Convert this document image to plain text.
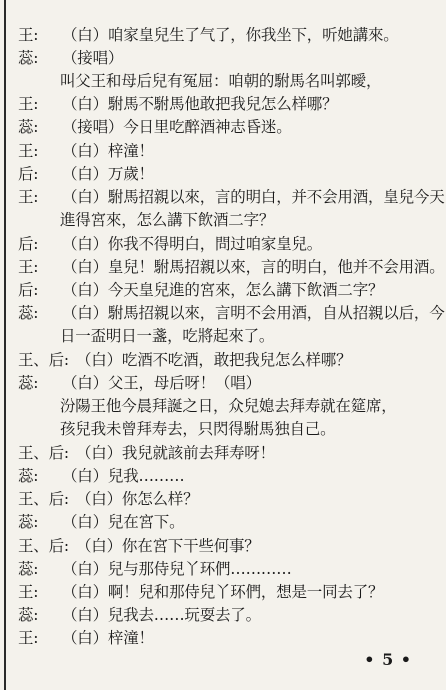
王: （白）咱家皇兒生了气了，你我坐下，听她講來。
蕊: （接唱）
叫父王和母后兒有冤屈：咱朝的駙馬名叫郭曖，
王: （白）駙馬不駙馬他敢把我兒怎么样哪？
蕊: （接唱）今日里吃醉酒神志昏迷。
王: （白）梓潼！
后: （白）万歲！
王: （白）駙馬招親以來，言的明白，并不会用酒，皇兒今天
進得宮來，怎么講下飲酒二字？
后: （白）你我不得明白，問过咱家皇兒。
王: （白）皇兒！駙馬招親以來，言的明白，他并不会用酒。
后: （白）今天皇兒進的宮來，怎么講下飲酒二字？
蕊: （白）駙馬招親以來，言明不会用酒，自从招親以后，今
日一盃明日一盞，吃將起來了。
王、后: （白）吃酒不吃酒，敢把我兒怎么样哪？
蕊: （白）父王，母后呀！（唱）
汾陽王他今晨拜誕之日，众兒媳去拜寿就在筵席，
孩兒我未曾拜寿去，只閃得駙馬独自己。
王、后: （白）我兒就該前去拜寿呀！
蕊: （白）兒我………
王、后: （白）你怎么样？
蕊: （白）兒在宮下。
王、后: （白）你在宮下干些何事？
蕊: （白）兒与那侍兒丫环們…………
王: （白）啊！兒和那侍兒丫环們，想是一同去了？
蕊: （白）兒我去……玩耍去了。
王: （白）梓潼！
• 5 •
